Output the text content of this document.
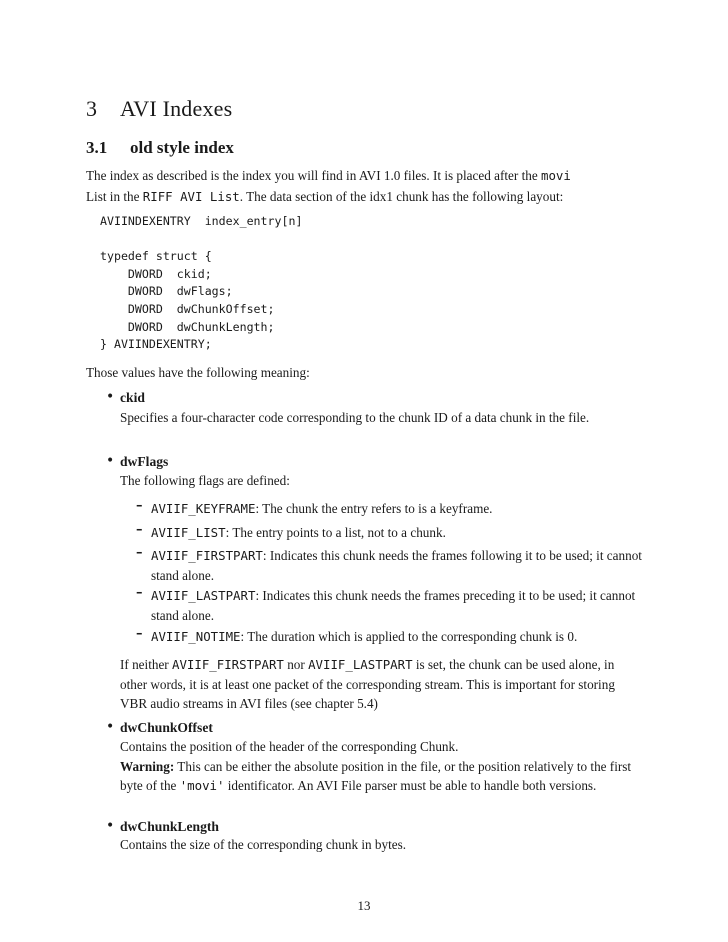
3 AVI Indexes
3.1 old style index

The index as described is the index you will find in AVI 1.0 files. It is placed after the movi
List in the RIFF AVI List. The data section of the idx1 chunk has the following layout:

AVIINDEXENTRY  index_entry[n]

typedef struct {
DWORD  ckid;
DWORD  dwFlags;
DWORD  dwChunkOffset;
DWORD  dwChunkLength;
} AVIINDEXENTRY;

Those values have the following meaning:

• ckid

Specifies a four-character code corresponding to the chunk ID of a data chunk in the file.

• dwFlags

The following flags are defined:

– AVIIF_KEYFRAME: The chunk the entry refers to is a keyframe.

– AVIIF_LIST: The entry points to a list, not to a chunk.

– AVIIF_FIRSTPART: Indicates this chunk needs the frames following it to be used; it cannot stand alone.

– AVIIF_LASTPART: Indicates this chunk needs the frames preceding it to be used; it cannot stand alone.

– AVIIF_NOTIME: The duration which is applied to the corresponding chunk is 0.

If neither AVIIF_FIRSTPART nor AVIIF_LASTPART is set, the chunk can be used alone, in other words, it is at least one packet of the corresponding stream. This is important for storing VBR audio streams in AVI files (see chapter 5.4)

• dwChunkOffset

Contains the position of the header of the corresponding Chunk.
Warning: This can be either the absolute position in the file, or the position relatively to the first byte of the 'movi' identificator. An AVI File parser must be able to handle both versions.

• dwChunkLength

Contains the size of the corresponding chunk in bytes.

13
